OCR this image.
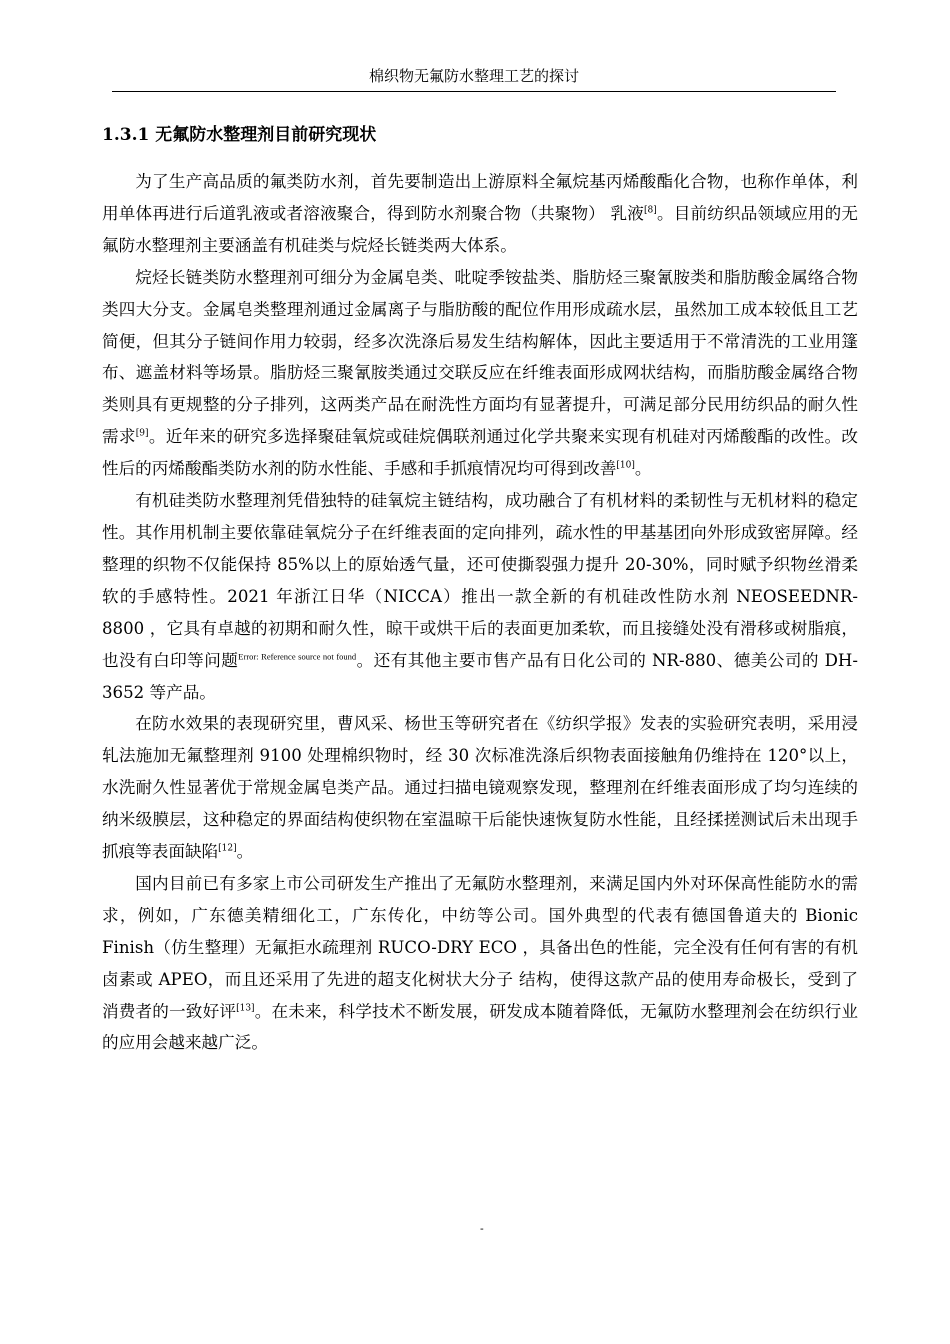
棉织物无氟防水整理工艺的探讨
1.3.1 无氟防水整理剂目前研究现状

为了生产高品质的氟类防水剂，首先要制造出上游原料全氟烷基丙烯酸酯化合物，也称作单体，利用单体再进行后道乳液或者溶液聚合，得到防水剂聚合物（共聚物） 乳液[8]。目前纺织品领域应用的无氟防水整理剂主要涵盖有机硅类与烷烃长链类两大体系。

烷烃长链类防水整理剂可细分为金属皂类、吡啶季铵盐类、脂肪烃三聚氰胺类和脂肪酸金属络合物类四大分支。金属皂类整理剂通过金属离子与脂肪酸的配位作用形成疏水层，虽然加工成本较低且工艺简便，但其分子链间作用力较弱，经多次洗涤后易发生结构解体，因此主要适用于不常清洗的工业用篷布、遮盖材料等场景。脂肪烃三聚氰胺类通过交联反应在纤维表面形成网状结构，而脂肪酸金属络合物类则具有更规整的分子排列，这两类产品在耐洗性方面均有显著提升，可满足部分民用纺织品的耐久性需求[9]。近年来的研究多选择聚硅氧烷或硅烷偶联剂通过化学共聚来实现有机硅对丙烯酸酯的改性。改性后的丙烯酸酯类防水剂的防水性能、手感和手抓痕情况均可得到改善[10]。

有机硅类防水整理剂凭借独特的硅氧烷主链结构，成功融合了有机材料的柔韧性与无机材料的稳定性。其作用机制主要依靠硅氧烷分子在纤维表面的定向排列，疏水性的甲基基团向外形成致密屏障。经整理的织物不仅能保持 85%以上的原始透气量，还可使撕裂强力提升 20-30%，同时赋予织物丝滑柔软的手感特性。2021 年浙江日华（NICCA）推出一款全新的有机硅改性防水剂 NEOSEEDNR-8800 ，它具有卓越的初期和耐久性，晾干或烘干后的表面更加柔软，而且接缝处没有滑移或树脂痕，也没有白印等问题$^{Error: Reference source not found}$。还有其他主要市售产品有日化公司的 NR-880、德美公司的 DH-3652 等产品。

在防水效果的表现研究里，曹风采、杨世玉等研究者在《纺织学报》发表的实验研究表明，采用浸轧法施加无氟整理剂 9100 处理棉织物时，经 30 次标准洗涤后织物表面接触角仍维持在 120°以上，水洗耐久性显著优于常规金属皂类产品。通过扫描电镜观察发现，整理剂在纤维表面形成了均匀连续的纳米级膜层，这种稳定的界面结构使织物在室温晾干后能快速恢复防水性能，且经揉搓测试后未出现手抓痕等表面缺陷[12]。

国内目前已有多家上市公司研发生产推出了无氟防水整理剂，来满足国内外对环保高性能防水的需求，例如，广东德美精细化工，广东传化，中纺等公司。国外典型的代表有德国鲁道夫的 Bionic Finish（仿生整理）无氟拒水疏理剂 RUCO-DRY ECO ，具备出色的性能，完全没有任何有害的有机卤素或 APEO，而且还采用了先进的超支化树状大分子 结构，使得这款产品的使用寿命极长，受到了消费者的一致好评[13]。在未来，科学技术不断发展，研发成本随着降低，无氟防水整理剂会在纺织行业的应用会越来越广泛。

-
